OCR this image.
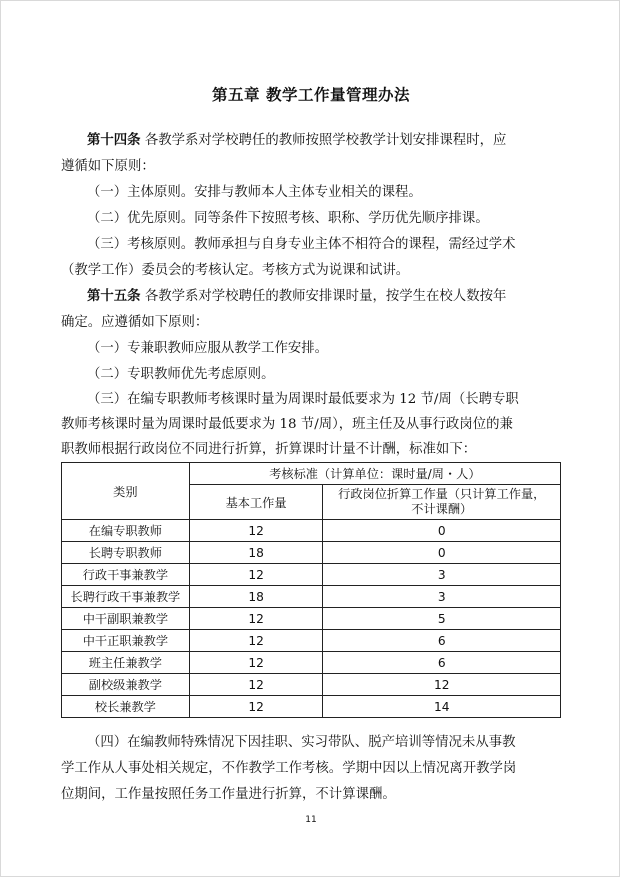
第五章 教学工作量管理办法

第十四条 各教学系对学校聘任的教师按照学校教学计划安排课程时，应

遵循如下原则：

（一）主体原则。安排与教师本人主体专业相关的课程。

（二）优先原则。同等条件下按照考核、职称、学历优先顺序排课。

（三）考核原则。教师承担与自身专业主体不相符合的课程，需经过学术

（教学工作）委员会的考核认定。考核方式为说课和试讲。

第十五条 各教学系对学校聘任的教师安排课时量，按学生在校人数按年

确定。应遵循如下原则：

（一）专兼职教师应服从教学工作安排。

（二）专职教师优先考虑原则。

（三）在编专职教师考核课时量为周课时最低要求为 12 节/周（长聘专职

教师考核课时量为周课时最低要求为 18 节/周），班主任及从事行政岗位的兼

职教师根据行政岗位不同进行折算，折算课时计量不计酬，标准如下：

类别	考核标准（计算单位：课时量/周・人）	
	基本工作量	行政岗位折算工作量（只计算工作量，
不计课酬）
在编专职教师	12	0
长聘专职教师	18	0
行政干事兼教学	12	3
长聘行政干事兼教学	18	3
中干副职兼教学	12	5
中干正职兼教学	12	6
班主任兼教学	12	6
副校级兼教学	12	12
校长兼教学	12	14

（四）在编教师特殊情况下因挂职、实习带队、脱产培训等情况未从事教

学工作从人事处相关规定，不作教学工作考核。学期中因以上情况离开教学岗

位期间，工作量按照任务工作量进行折算，不计算课酬。

11
